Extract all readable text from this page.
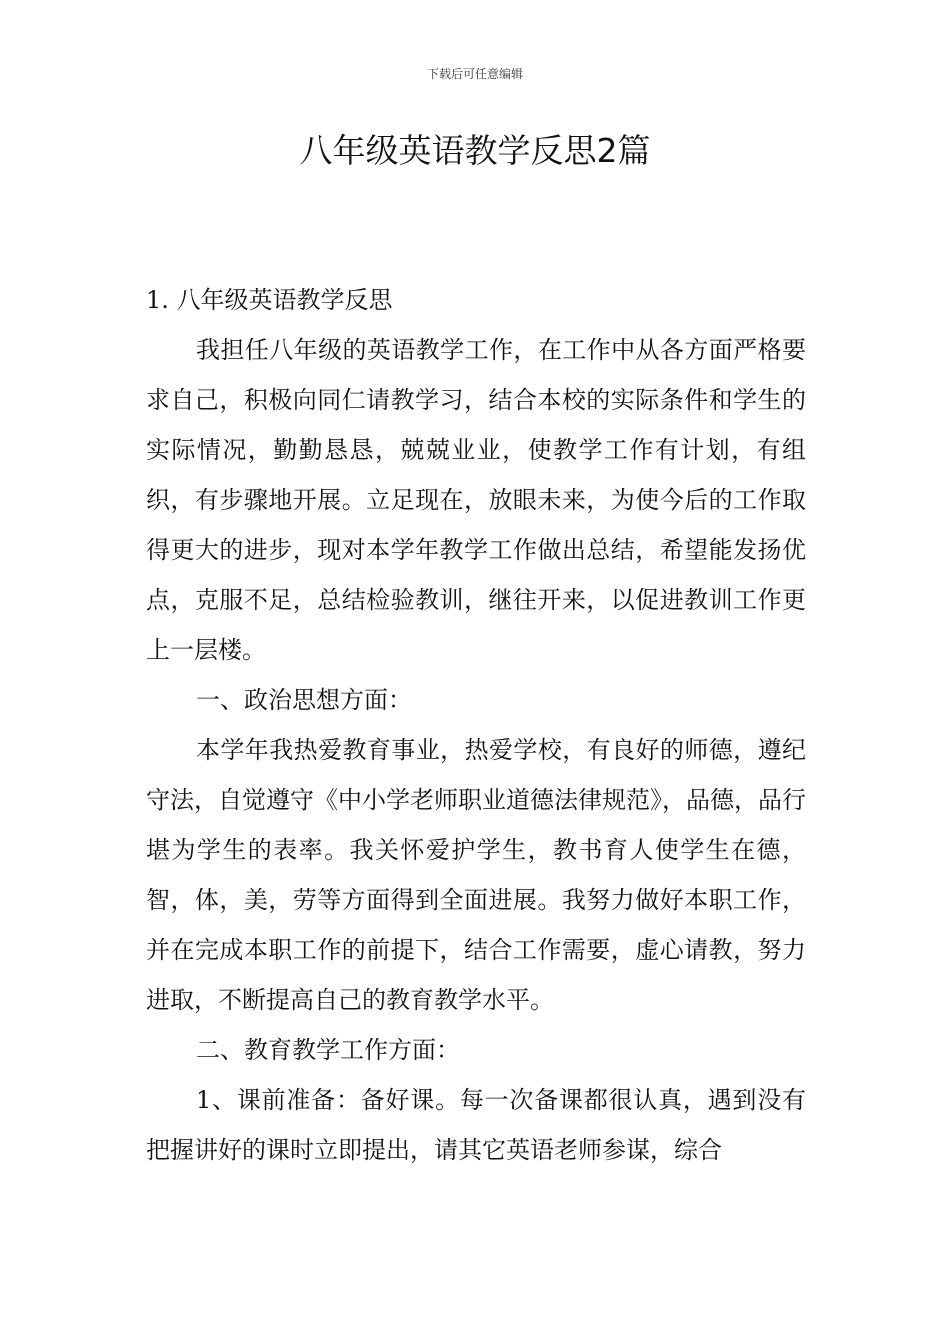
下载后可任意编辑
八年级英语教学反思2篇

1. 八年级英语教学反思

我担任八年级的英语教学工作，在工作中从各方面严格要求自己，积极向同仁请教学习，结合本校的实际条件和学生的实际情况，勤勤恳恳，兢兢业业，使教学工作有计划，有组织，有步骤地开展。立足现在，放眼未来，为使今后的工作取得更大的进步，现对本学年教学工作做出总结，希望能发扬优点，克服不足，总结检验教训，继往开来，以促进教训工作更上一层楼。

一、政治思想方面：

本学年我热爱教育事业，热爱学校，有良好的师德，遵纪守法，自觉遵守《中小学老师职业道德法律规范》，品德，品行堪为学生的表率。我关怀爱护学生，教书育人使学生在德，智，体，美，劳等方面得到全面进展。我努力做好本职工作，并在完成本职工作的前提下，结合工作需要，虚心请教，努力进取，不断提高自己的教育教学水平。

二、教育教学工作方面：

1、课前准备：备好课。每一次备课都很认真，遇到没有把握讲好的课时立即提出，请其它英语老师参谋，综合
